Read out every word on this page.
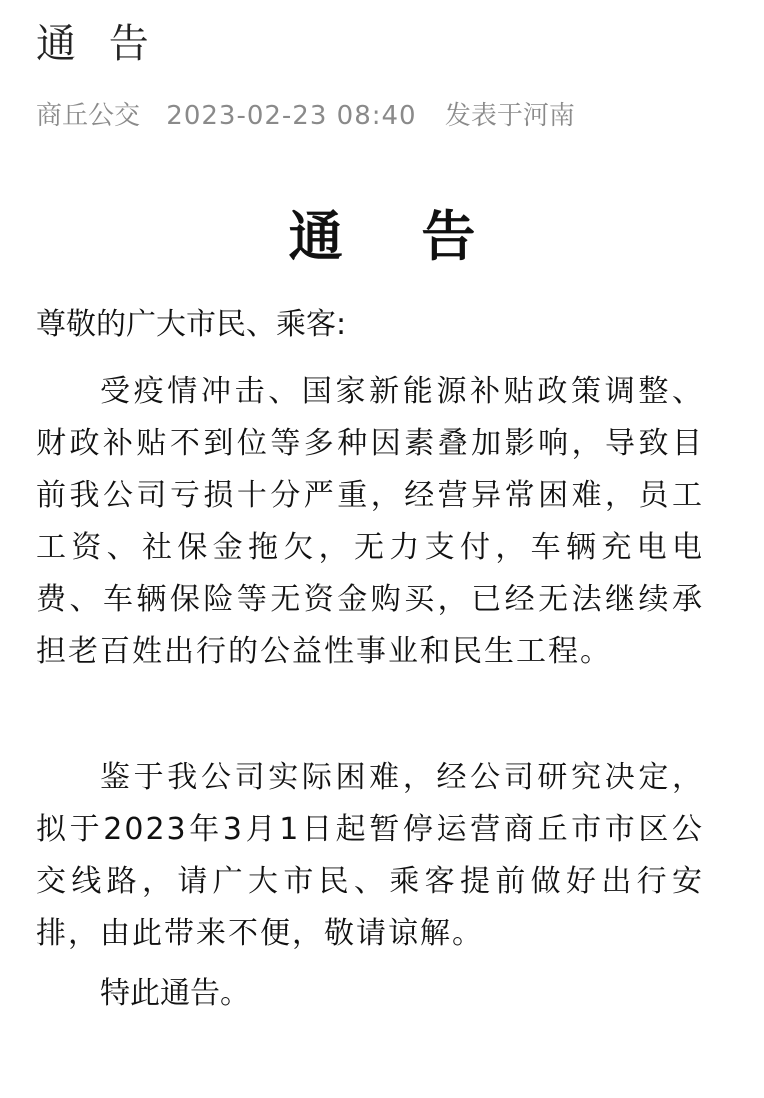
通 告
商丘公交 2023-02-23 08:40 发表于河南
通 告

尊敬的广大市民、乘客:

受疫情冲击、国家新能源补贴政策调整、财政补贴不到位等多种因素叠加影响，导致目前我公司亏损十分严重，经营异常困难，员工工资、社保金拖欠，无力支付，车辆充电电费、车辆保险等无资金购买，已经无法继续承担老百姓出行的公益性事业和民生工程。

鉴于我公司实际困难，经公司研究决定，拟于2023年3月1日起暂停运营商丘市市区公交线路，请广大市民、乘客提前做好出行安排，由此带来不便，敬请谅解。

特此通告。
